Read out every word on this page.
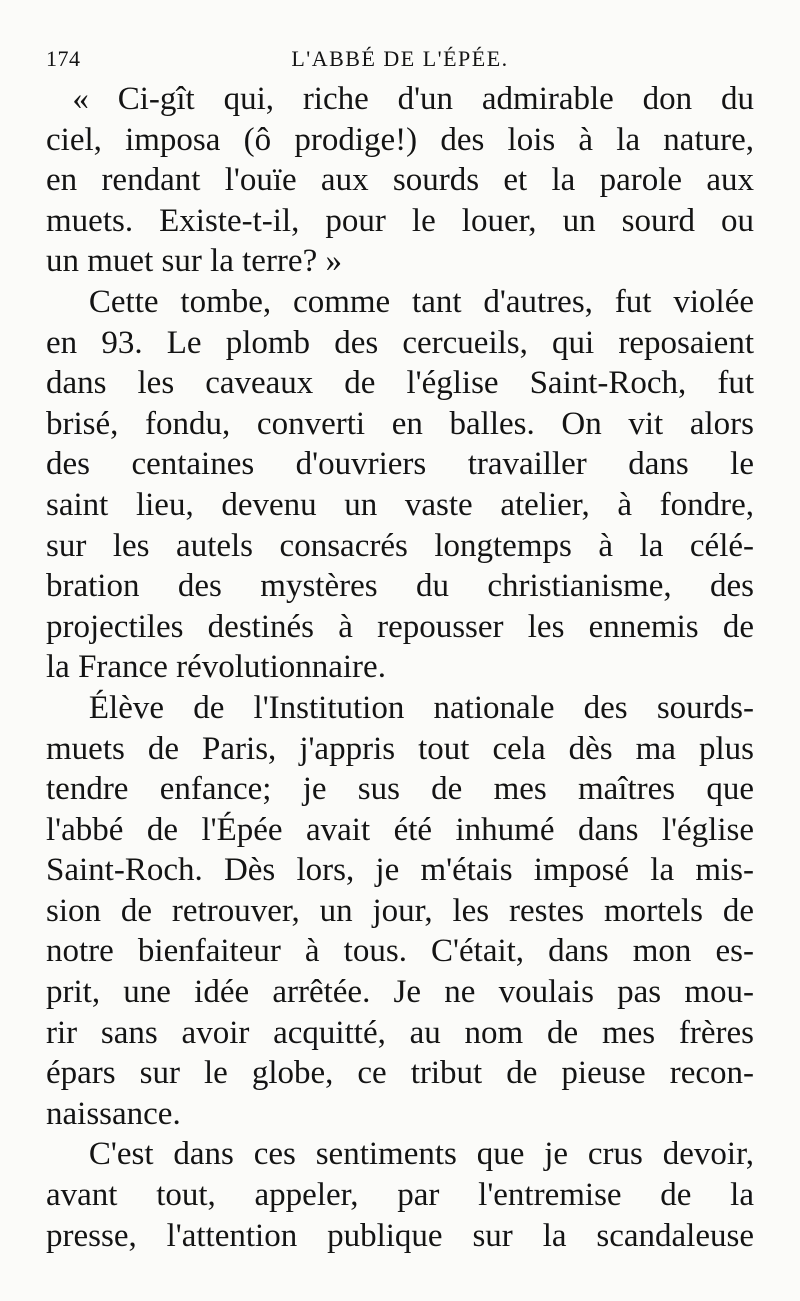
174	L'ABBÉ DE L'ÉPÉE.

« Ci-gît qui, riche d'un admirable don du
ciel, imposa (ô prodige!) des lois à la nature,
en rendant l'ouïe aux sourds et la parole aux
muets. Existe-t-il, pour le louer, un sourd ou
un muet sur la terre? »

Cette tombe, comme tant d'autres, fut violée
en 93. Le plomb des cercueils, qui reposaient
dans les caveaux de l'église Saint-Roch, fut
brisé, fondu, converti en balles. On vit alors
des centaines d'ouvriers travailler dans le
saint lieu, devenu un vaste atelier, à fondre,
sur les autels consacrés longtemps à la célé-
bration des mystères du christianisme, des
projectiles destinés à repousser les ennemis de
la France révolutionnaire.

Élève de l'Institution nationale des sourds-
muets de Paris, j'appris tout cela dès ma plus
tendre enfance; je sus de mes maîtres que
l'abbé de l'Épée avait été inhumé dans l'église
Saint-Roch. Dès lors, je m'étais imposé la mis-
sion de retrouver, un jour, les restes mortels de
notre bienfaiteur à tous. C'était, dans mon es-
prit, une idée arrêtée. Je ne voulais pas mou-
rir sans avoir acquitté, au nom de mes frères
épars sur le globe, ce tribut de pieuse recon-
naissance.

C'est dans ces sentiments que je crus devoir,
avant tout, appeler, par l'entremise de la
presse, l'attention publique sur la scandaleuse
